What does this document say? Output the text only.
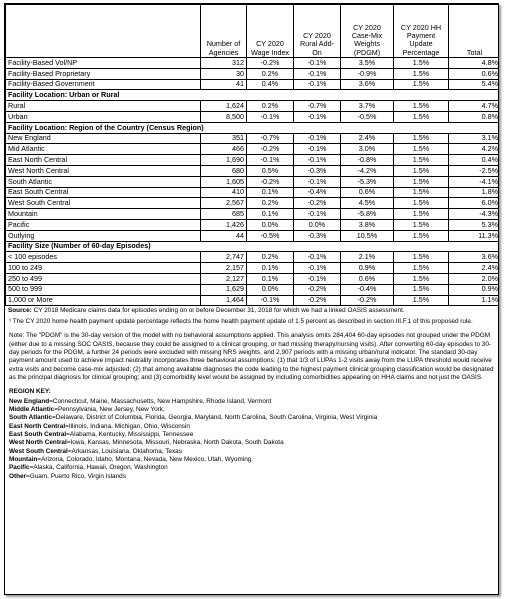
	Number of Agencies	CY 2020 Wage Index	CY 2020 Rural Add-On	CY 2020 Case-Mix Weights (PDGM)	CY 2020 HH Payment Update Percentage	Total
Facility-Based Vol/NP	312	-0.2%	-0.1%	3.5%	1.5%	4.8%
Facility-Based Proprietary	30	0.2%	-0.1%	-0.9%	1.5%	0.6%
Facility-Based Government	41	0.4%	-0.1%	3.6%	1.5%	5.4%
Facility Location: Urban or Rural						
Rural	1,624	0.2%	-0.7%	3.7%	1.5%	4.7%
Urban	8,500	-0.1%	-0.1%	-0.5%	1.5%	0.8%
Facility Location: Region of the Country (Census Region)						
New England	351	-0.7%	-0.1%	2.4%	1.5%	3.1%
Mid Atlantic	466	-0.2%	-0.1%	3.0%	1.5%	4.2%
East North Central	1,690	-0.1%	-0.1%	-0.8%	1.5%	0.4%
West North Central	680	0.5%	-0.3%	-4.2%	1.5%	-2.5%
South Atlantic	1,605	-0.2%	-0.1%	-5.3%	1.5%	-4.1%
East South Central	410	0.1%	-0.4%	0.6%	1.5%	1.8%
West South Central	2,567	0.2%	-0.2%	4.5%	1.5%	6.0%
Mountain	685	0.1%	-0.1%	-5.8%	1.5%	-4.3%
Pacific	1,426	0.0%	0.0%	3.8%	1.5%	5.3%
Outlying	44	-0.5%	-0.3%	10.5%	1.5%	11.3%
Facility Size (Number of 60-day Episodes)						
< 100 episodes	2,747	0.2%	-0.1%	2.1%	1.5%	3.6%
100 to 249	2,157	0.1%	-0.1%	0.9%	1.5%	2.4%
250 to 499	2,127	0.1%	-0.1%	0.6%	1.5%	2.0%
500 to 999	1,629	0.0%	-0.2%	-0.4%	1.5%	0.9%
1,000 or More	1,464	-0.1%	-0.2%	-0.2%	1.5%	1.1%
Source: CY 2018 Medicare claims data for episodes ending on or before December 31, 2018 for which we had a linked OASIS assessment.

¹ The CY 2020 home health payment update percentage reflects the home health payment update of 1.5 percent as described in section III.F.1 of this proposed rule.

Note: The "PDGM" is the 30-day version of the model with no behavioral assumptions applied. This analysis omits 284,404 60-day episodes not grouped under the PDGM (either due to a missing SOC OASIS, because they could be assigned to a clinical grouping, or had missing therapy/nursing visits). After converting 60-day episodes to 30-day periods for the PDGM, a further 24 periods were excluded with missing NRS weights, and 2,907 periods with a missing urban/rural indicator. The standard 30-day payment amount used to achieve impact neutrality incorporates three behavioral assumptions: (1) that 1/3 of LUPAs 1-2 visits away from the LUPA threshold would receive extra visits and become case-mix adjusted; (2) that among available diagnoses the code leading to the highest payment clinical grouping classification would be designated as the principal diagnosis for clinical grouping; and (3) comorbidity level would be assigned by including comorbidities appearing on HHA claims and not just the OASIS.

REGION KEY:
New England=Connecticut, Maine, Massachusetts, New Hampshire, Rhode Island, Vermont
Middle Atlantic=Pennsylvania, New Jersey, New York;
South Atlantic=Delaware, District of Columbia, Florida, Georgia, Maryland, North Carolina, South Carolina, Virginia, West Virginia
East North Central=Illinois, Indiana, Michigan, Ohio, Wisconsin
East South Central=Alabama, Kentucky, Mississippi, Tennessee
West North Central=Iowa, Kansas, Minnesota, Missouri, Nebraska, North Dakota, South Dakota
West South Central=Arkansas, Louisiana, Oklahoma, Texas
Mountain=Arizona, Colorado, Idaho, Montana, Nevada, New Mexico, Utah, Wyoming
Pacific=Alaska, California, Hawaii, Oregon, Washington
Other=Guam, Puerto Rico, Virgin Islands
